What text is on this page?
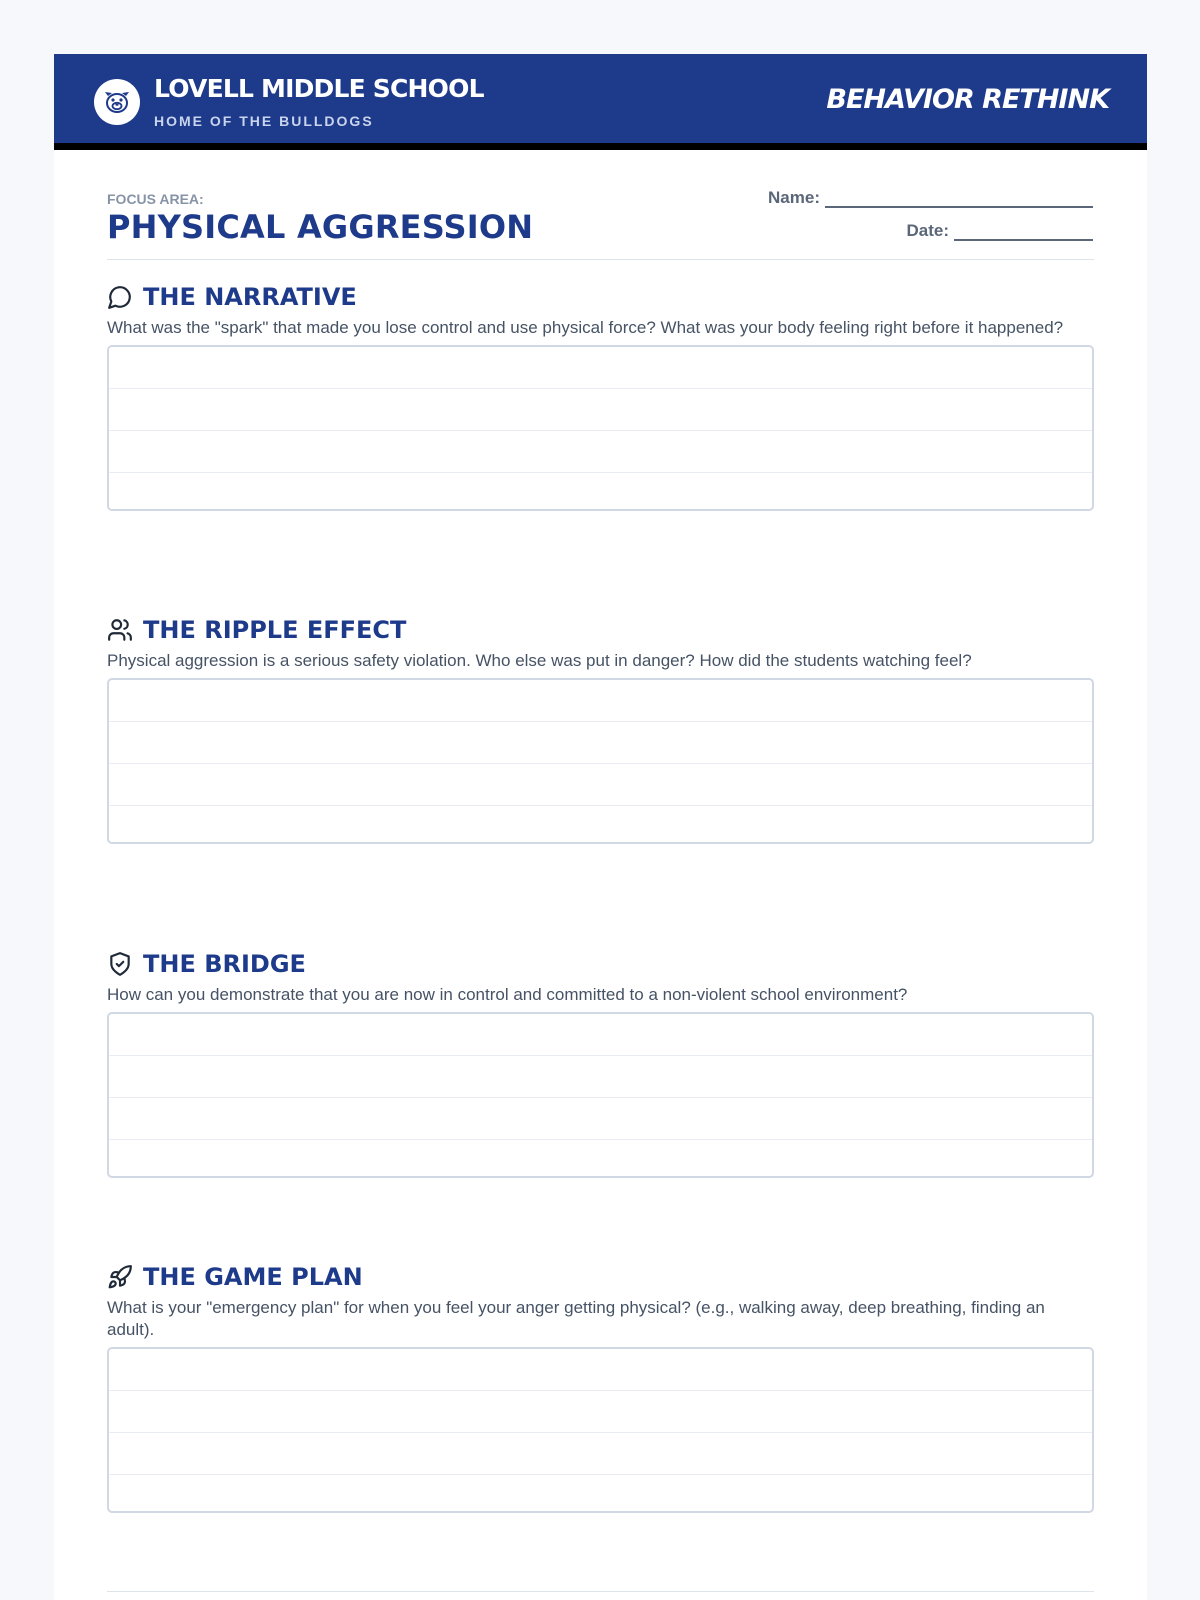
LOVELL MIDDLE SCHOOL
HOME OF THE BULLDOGS
BEHAVIOR RETHINK
FOCUS AREA:
PHYSICAL AGGRESSION
Name:
Date:
THE NARRATIVE
What was the "spark" that made you lose control and use physical force? What was your body feeling right before it happened?
THE RIPPLE EFFECT
Physical aggression is a serious safety violation. Who else was put in danger? How did the students watching feel?
THE BRIDGE
How can you demonstrate that you are now in control and committed to a non-violent school environment?
THE GAME PLAN
What is your "emergency plan" for when you feel your anger getting physical? (e.g., walking away, deep breathing, finding an adult).
